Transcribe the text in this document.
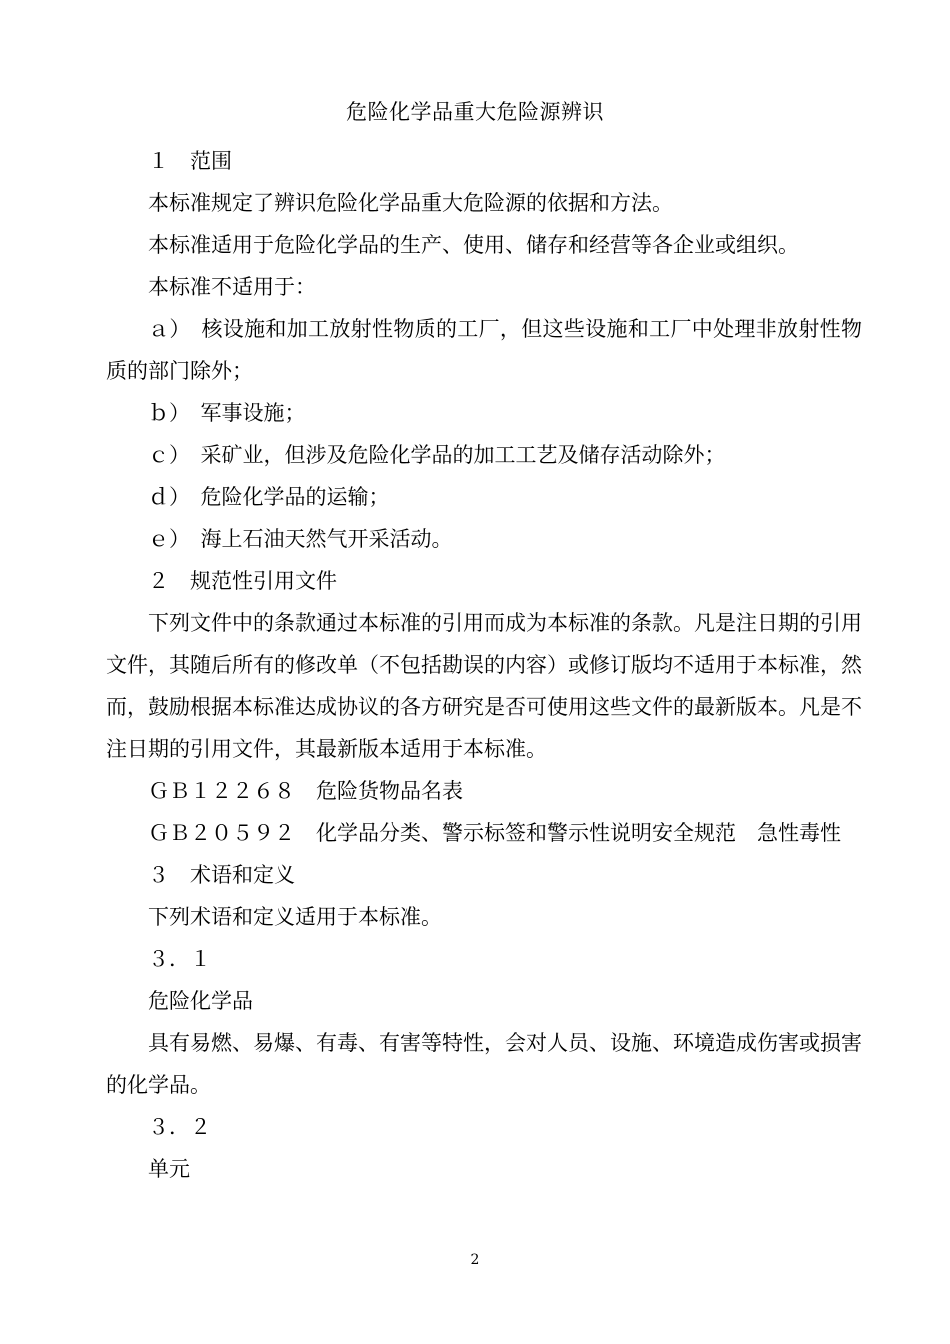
危险化学品重大危险源辨识

１　范围

本标准规定了辨识危险化学品重大危险源的依据和方法。

本标准适用于危险化学品的生产、使用、储存和经营等各企业或组织。

本标准不适用于：

ａ）　核设施和加工放射性物质的工厂，但这些设施和工厂中处理非放射性物质的部门除外；

ｂ）　军事设施；

ｃ）　采矿业，但涉及危险化学品的加工工艺及储存活动除外；

ｄ）　危险化学品的运输；

ｅ）　海上石油天然气开采活动。

２　规范性引用文件

下列文件中的条款通过本标准的引用而成为本标准的条款。凡是注日期的引用文件，其随后所有的修改单（不包括勘误的内容）或修订版均不适用于本标准，然而，鼓励根据本标准达成协议的各方研究是否可使用这些文件的最新版本。凡是不注日期的引用文件，其最新版本适用于本标准。

ＧＢ１２２６８　危险货物品名表

ＧＢ２０５９２　化学品分类、警示标签和警示性说明安全规范　急性毒性

３　术语和定义

下列术语和定义适用于本标准。

３．１

危险化学品

具有易燃、易爆、有毒、有害等特性，会对人员、设施、环境造成伤害或损害的化学品。

３．２

单元

2
